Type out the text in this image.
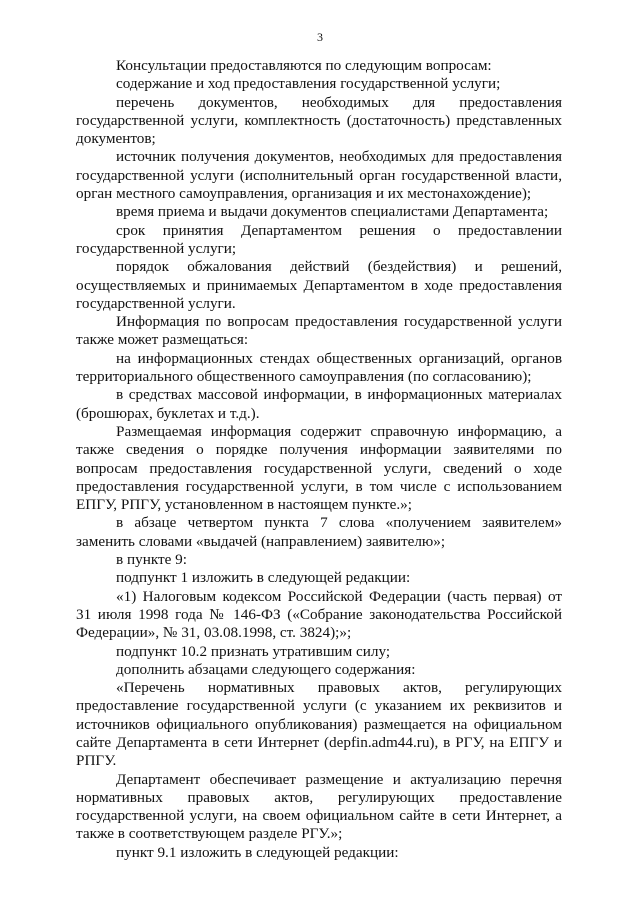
3

Консультации предоставляются по следующим вопросам:

содержание и ход предоставления государственной услуги;

перечень документов, необходимых для предоставления государственной услуги, комплектность (достаточность) представленных документов;

источник получения документов, необходимых для предоставления государственной услуги (исполнительный орган государственной власти, орган местного самоуправления, организация и их местонахождение);

время приема и выдачи документов специалистами Департамента;

срок принятия Департаментом решения о предоставлении государственной услуги;

порядок обжалования действий (бездействия) и решений, осуществляемых и принимаемых Департаментом в ходе предоставления государственной услуги.

Информация по вопросам предоставления государственной услуги также может размещаться:

на информационных стендах общественных организаций, органов территориального общественного самоуправления (по согласованию);

в средствах массовой информации, в информационных материалах (брошюрах, буклетах и т.д.).

Размещаемая информация содержит справочную информацию, а также сведения о порядке получения информации заявителями по вопросам предоставления государственной услуги, сведений о ходе предоставления государственной услуги, в том числе с использованием ЕПГУ, РПГУ, установленном в настоящем пункте.»;

в абзаце четвертом пункта 7 слова «получением заявителем» заменить словами «выдачей (направлением) заявителю»;

в пункте 9:

подпункт 1 изложить в следующей редакции:

«1) Налоговым кодексом Российской Федерации (часть первая) от 31 июля 1998 года № 146-ФЗ («Собрание законодательства Российской Федерации», № 31, 03.08.1998, ст. 3824);»;

подпункт 10.2 признать утратившим силу;

дополнить абзацами следующего содержания:

«Перечень нормативных правовых актов, регулирующих предоставление государственной услуги (с указанием их реквизитов и источников официального опубликования) размещается на официальном сайте Департамента в сети Интернет (depfin.adm44.ru), в РГУ, на ЕПГУ и РПГУ.

Департамент обеспечивает размещение и актуализацию перечня нормативных правовых актов, регулирующих предоставление государственной услуги, на своем официальном сайте в сети Интернет, а также в соответствующем разделе РГУ.»;

пункт 9.1 изложить в следующей редакции:
